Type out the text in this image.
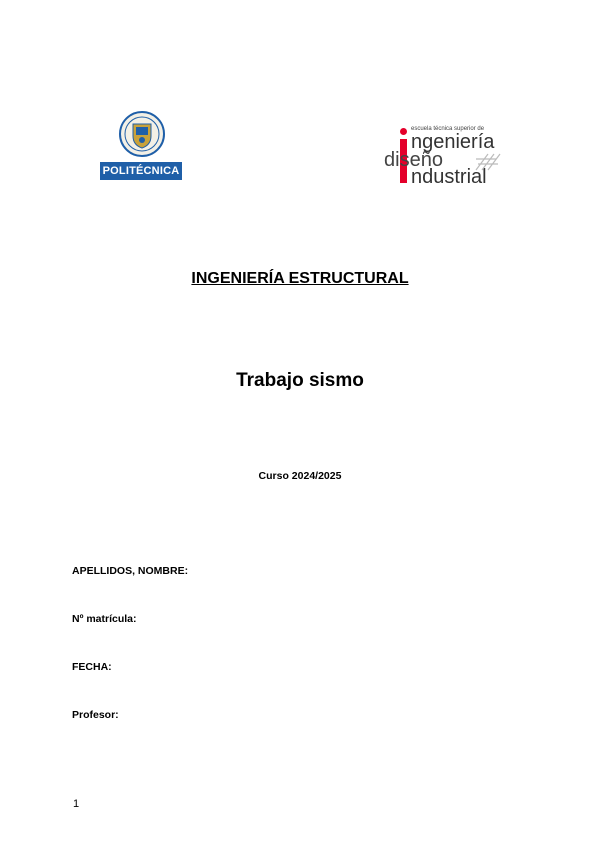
POLITÉCNICA
escuela técnica superior de
ngeniería
diseño
ndustrial
INGENIERÍA ESTRUCTURAL
Trabajo sismo
Curso 2024/2025
APELLIDOS, NOMBRE:
Nº matrícula:
FECHA:
Profesor:
1
